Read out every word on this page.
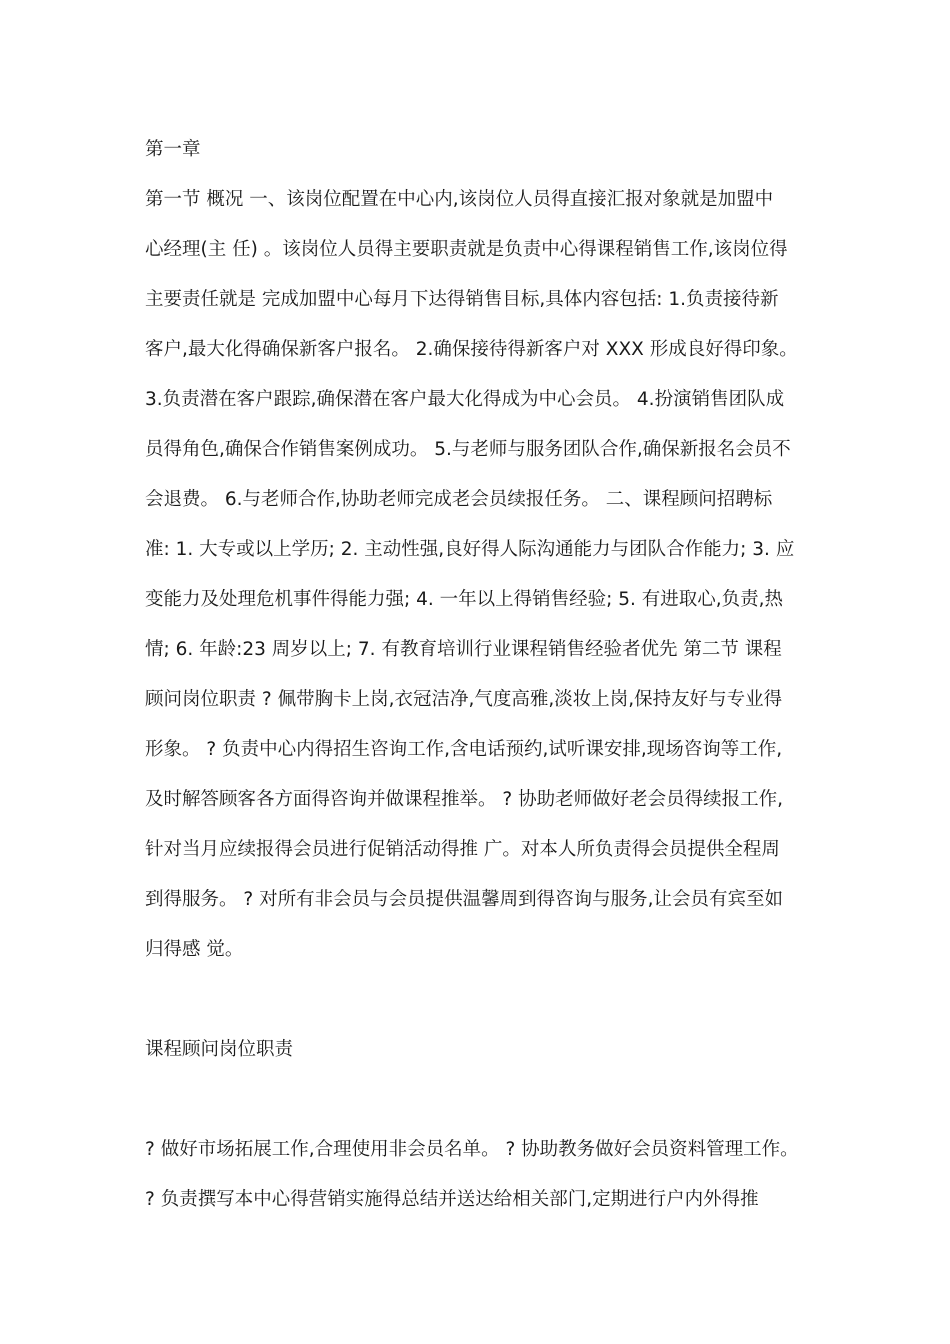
第一章
第一节 概况 一、该岗位配置在中心内,该岗位人员得直接汇报对象就是加盟中
心经理(主 任) 。该岗位人员得主要职责就是负责中心得课程销售工作,该岗位得
主要责任就是 完成加盟中心每月下达得销售目标,具体内容包括: 1.负责接待新
客户,最大化得确保新客户报名。 2.确保接待得新客户对 XXX 形成良好得印象。
3.负责潜在客户跟踪,确保潜在客户最大化得成为中心会员。 4.扮演销售团队成
员得角色,确保合作销售案例成功。 5.与老师与服务团队合作,确保新报名会员不
会退费。 6.与老师合作,协助老师完成老会员续报任务。 二、课程顾问招聘标
准: 1. 大专或以上学历; 2. 主动性强,良好得人际沟通能力与团队合作能力; 3. 应
变能力及处理危机事件得能力强; 4. 一年以上得销售经验; 5. 有进取心,负责,热
情; 6. 年龄:23 周岁以上; 7. 有教育培训行业课程销售经验者优先 第二节 课程
顾问岗位职责 ? 佩带胸卡上岗,衣冠洁净,气度高雅,淡妆上岗,保持友好与专业得
形象。 ? 负责中心内得招生咨询工作,含电话预约,试听课安排,现场咨询等工作,
及时解答顾客各方面得咨询并做课程推举。 ? 协助老师做好老会员得续报工作,
针对当月应续报得会员进行促销活动得推 广。对本人所负责得会员提供全程周
到得服务。 ? 对所有非会员与会员提供温馨周到得咨询与服务,让会员有宾至如
归得感 觉。
课程顾问岗位职责
? 做好市场拓展工作,合理使用非会员名单。 ? 协助教务做好会员资料管理工作。
? 负责撰写本中心得营销实施得总结并送达给相关部门,定期进行户内外得推
